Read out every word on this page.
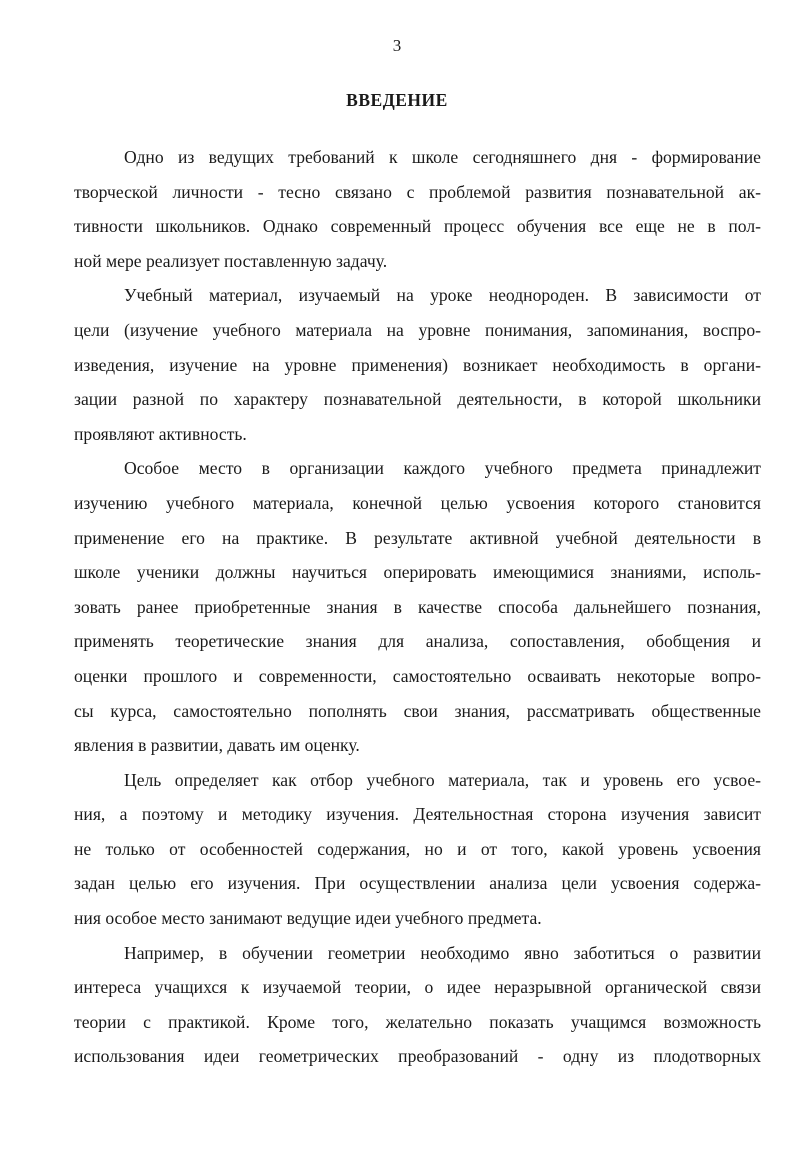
3
ВВЕДЕНИЕ
Одно из ведущих требований к школе сегодняшнего дня - формирование
творческой личности - тесно связано с проблемой развития познавательной ак-
тивности школьников. Однако современный процесс обучения все еще не в пол-
ной мере реализует поставленную задачу.
Учебный материал, изучаемый на уроке неоднороден. В зависимости от
цели (изучение учебного материала на уровне понимания, запоминания, воспро-
изведения, изучение на уровне применения) возникает необходимость в органи-
зации разной по характеру познавательной деятельности, в которой школьники
проявляют активность.
Особое место в организации каждого учебного предмета принадлежит
изучению учебного материала, конечной целью усвоения которого становится
применение его на практике. В результате активной учебной деятельности в
школе ученики должны научиться оперировать имеющимися знаниями, исполь-
зовать ранее приобретенные знания в качестве способа дальнейшего познания,
применять теоретические знания для анализа, сопоставления, обобщения и
оценки прошлого и современности, самостоятельно осваивать некоторые вопро-
сы курса, самостоятельно пополнять свои знания, рассматривать общественные
явления в развитии, давать им оценку.
Цель определяет как отбор учебного материала, так и уровень его усвое-
ния, а поэтому и методику изучения. Деятельностная сторона изучения зависит
не только от особенностей содержания, но и от того, какой уровень усвоения
задан целью его изучения. При осуществлении анализа цели усвоения содержа-
ния особое место занимают ведущие идеи учебного предмета.
Например, в обучении геометрии необходимо явно заботиться о развитии
интереса учащихся к изучаемой теории, о идее неразрывной органической связи
теории с практикой. Кроме того, желательно показать учащимся возможность
использования идеи геометрических преобразований - одну из плодотворных
